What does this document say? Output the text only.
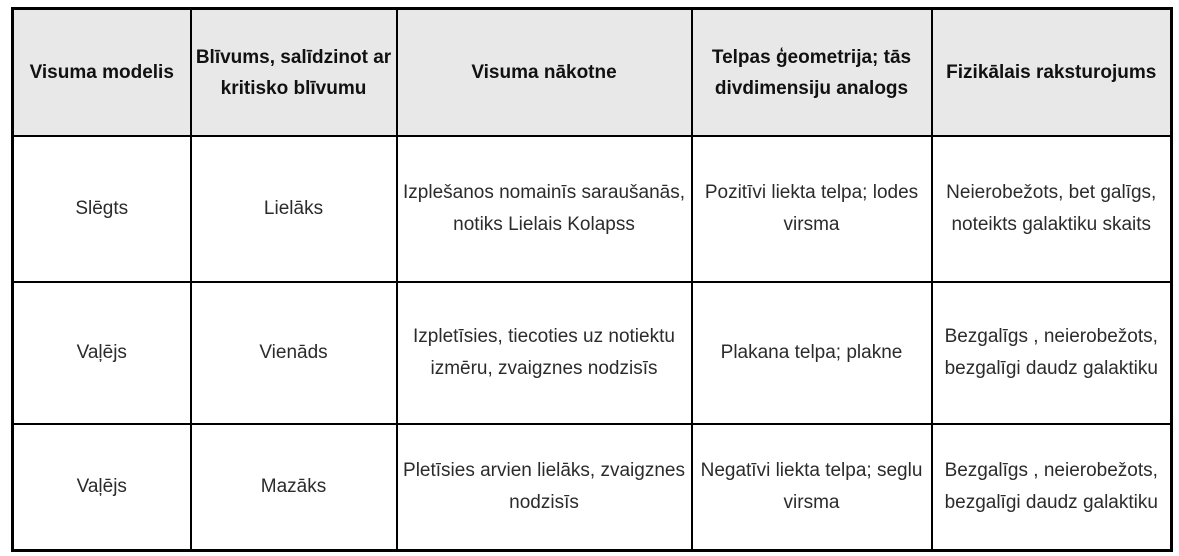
Visuma modelis	Blīvums, salīdzinot ar kritisko blīvumu	Visuma nākotne	Telpas ģeometrija; tās divdimensiju analogs	Fizikālais raksturojums
Slēgts	Lielāks	Izplešanos nomainīs saraušanās, notiks Lielais Kolapss	Pozitīvi liekta telpa; lodes virsma	Neierobežots, bet galīgs, noteikts galaktiku skaits
Vaļējs	Vienāds	Izpletīsies, tiecoties uz notiektu izmēru, zvaigznes nodzisīs	Plakana telpa; plakne	Bezgalīgs , neierobežots, bezgalīgi daudz galaktiku
Vaļējs	Mazāks	Pletīsies arvien lielāks, zvaigznes nodzisīs	Negatīvi liekta telpa; seglu virsma	Bezgalīgs , neierobežots, bezgalīgi daudz galaktiku
